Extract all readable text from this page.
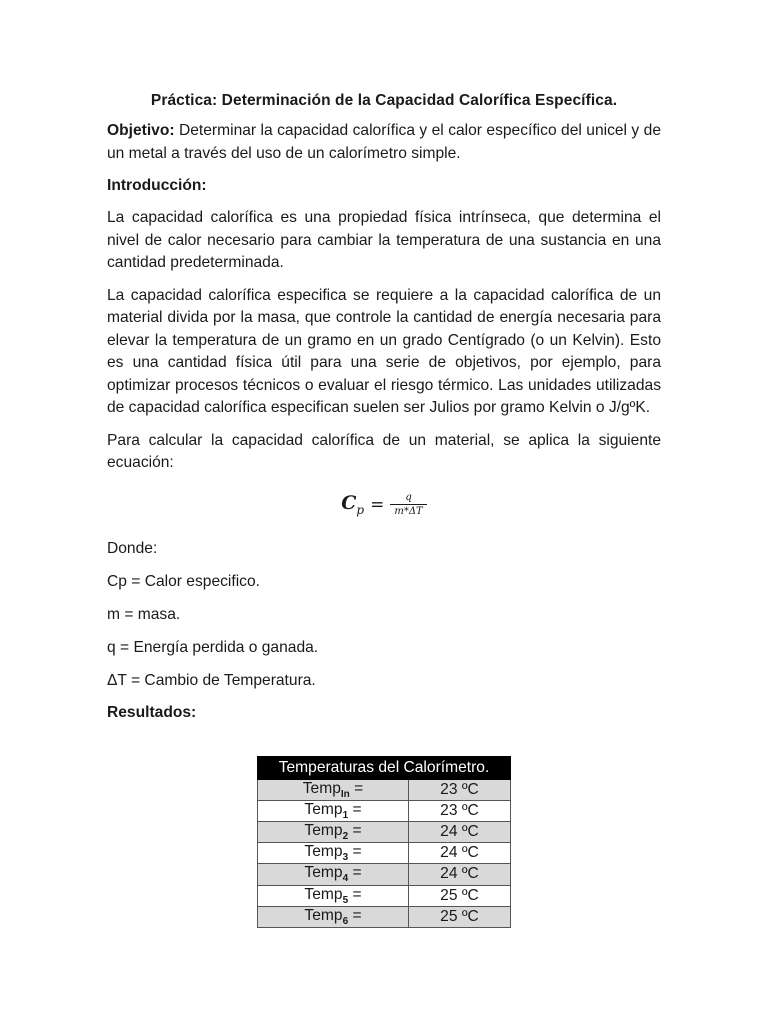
Práctica: Determinación de la Capacidad Calorífica Específica.

Objetivo: Determinar la capacidad calorífica y el calor específico del unicel y de un metal a través del uso de un calorímetro simple.

Introducción:

La capacidad calorífica es una propiedad física intrínseca, que determina el nivel de calor necesario para cambiar la temperatura de una sustancia en una cantidad predeterminada.

La capacidad calorífica especifica se requiere a la capacidad calorífica de un material divida por la masa, que controle la cantidad de energía necesaria para elevar la temperatura de un gramo en un grado Centígrado (o un Kelvin). Esto es una cantidad física útil para una serie de objetivos, por ejemplo, para optimizar procesos técnicos o evaluar el riesgo térmico. Las unidades utilizadas de capacidad calorífica especifican suelen ser Julios por gramo Kelvin o J/gºK.

Para calcular la capacidad calorífica de un material, se aplica la siguiente ecuación:

$C_p = \frac{q}{m*\Delta T}$
Donde:
Cp = Calor especifico.
m = masa.
q = Energía perdida o ganada.
ΔT = Cambio de Temperatura.
Resultados:
Temperaturas del Calorímetro.	
Temp$_{In}$ =	23 ºC
Temp$_1$ =	23 ºC
Temp$_2$ =	24 ºC
Temp$_3$ =	24 ºC
Temp$_4$ =	24 ºC
Temp$_5$ =	25 ºC
Temp$_6$ =	25 ºC
